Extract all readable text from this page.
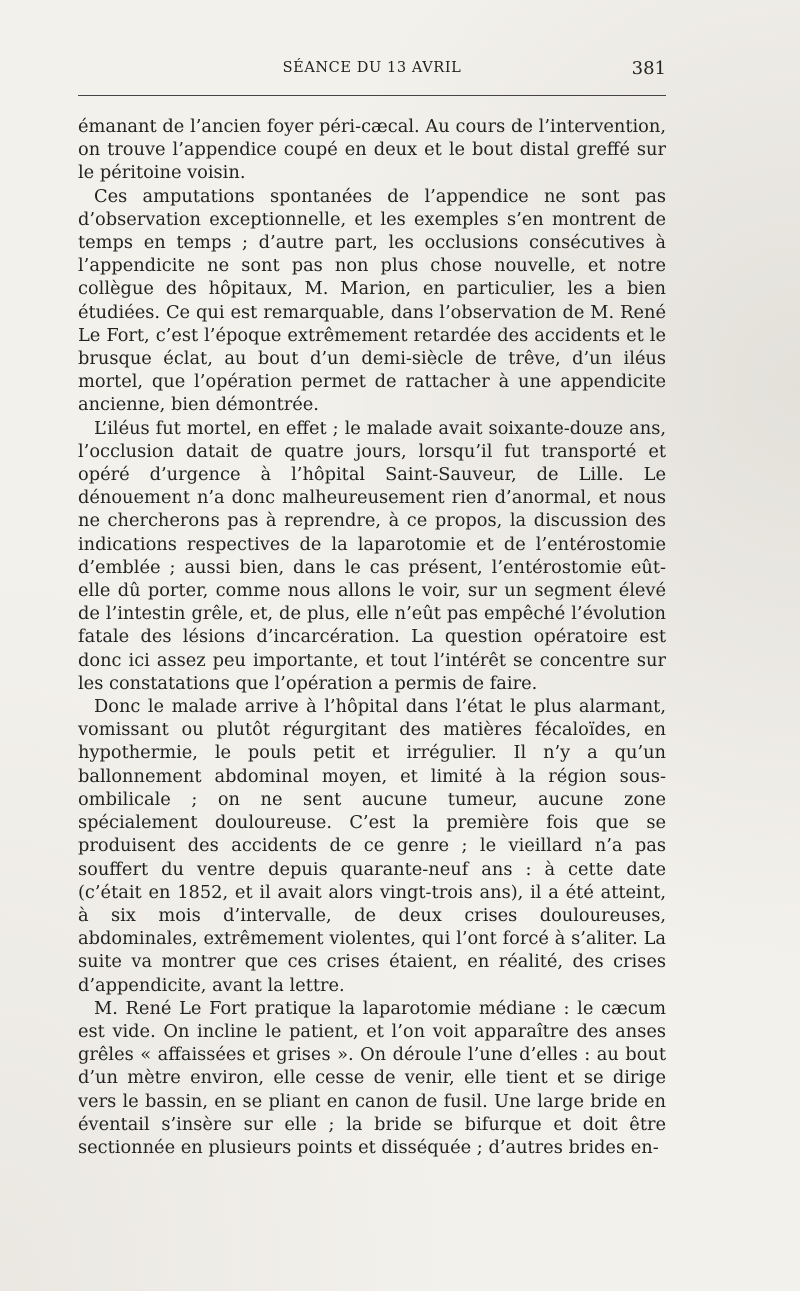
SÉANCE DU 13 AVRIL	381

émanant de l’ancien foyer péri-cæcal. Au cours de l’intervention, on trouve l’appendice coupé en deux et le bout distal greffé sur le péritoine voisin.

Ces amputations spontanées de l’appendice ne sont pas d’observation exceptionnelle, et les exemples s’en montrent de temps en temps ; d’autre part, les occlusions consécutives à l’appendicite ne sont pas non plus chose nouvelle, et notre collègue des hôpitaux, M. Marion, en particulier, les a bien étudiées. Ce qui est remarquable, dans l’observation de M. René Le Fort, c’est l’époque extrêmement retardée des accidents et le brusque éclat, au bout d’un demi-siècle de trêve, d’un iléus mortel, que l’opération permet de rattacher à une appendicite ancienne, bien démontrée.

L’iléus fut mortel, en effet ; le malade avait soixante-douze ans, l’occlusion datait de quatre jours, lorsqu’il fut transporté et opéré d’urgence à l’hôpital Saint-Sauveur, de Lille. Le dénouement n’a donc malheureusement rien d’anormal, et nous ne chercherons pas à reprendre, à ce propos, la discussion des indications respectives de la laparotomie et de l’entérostomie d’emblée ; aussi bien, dans le cas présent, l’entérostomie eût-elle dû porter, comme nous allons le voir, sur un segment élevé de l’intestin grêle, et, de plus, elle n’eût pas empêché l’évolution fatale des lésions d’incarcération. La question opératoire est donc ici assez peu importante, et tout l’intérêt se concentre sur les constatations que l’opération a permis de faire.

Donc le malade arrive à l’hôpital dans l’état le plus alarmant, vomissant ou plutôt régurgitant des matières fécaloïdes, en hypothermie, le pouls petit et irrégulier. Il n’y a qu’un ballonnement abdominal moyen, et limité à la région sous-ombilicale ; on ne sent aucune tumeur, aucune zone spécialement douloureuse. C’est la première fois que se produisent des accidents de ce genre ; le vieillard n’a pas souffert du ventre depuis quarante-neuf ans : à cette date (c’était en 1852, et il avait alors vingt-trois ans), il a été atteint, à six mois d’intervalle, de deux crises douloureuses, abdominales, extrêmement violentes, qui l’ont forcé à s’aliter. La suite va montrer que ces crises étaient, en réalité, des crises d’appendicite, avant la lettre.

M. René Le Fort pratique la laparotomie médiane : le cæcum est vide. On incline le patient, et l’on voit apparaître des anses grêles « affaissées et grises ». On déroule l’une d’elles : au bout d’un mètre environ, elle cesse de venir, elle tient et se dirige vers le bassin, en se pliant en canon de fusil. Une large bride en éventail s’insère sur elle ; la bride se bifurque et doit être sectionnée en plusieurs points et disséquée ; d’autres brides en-
